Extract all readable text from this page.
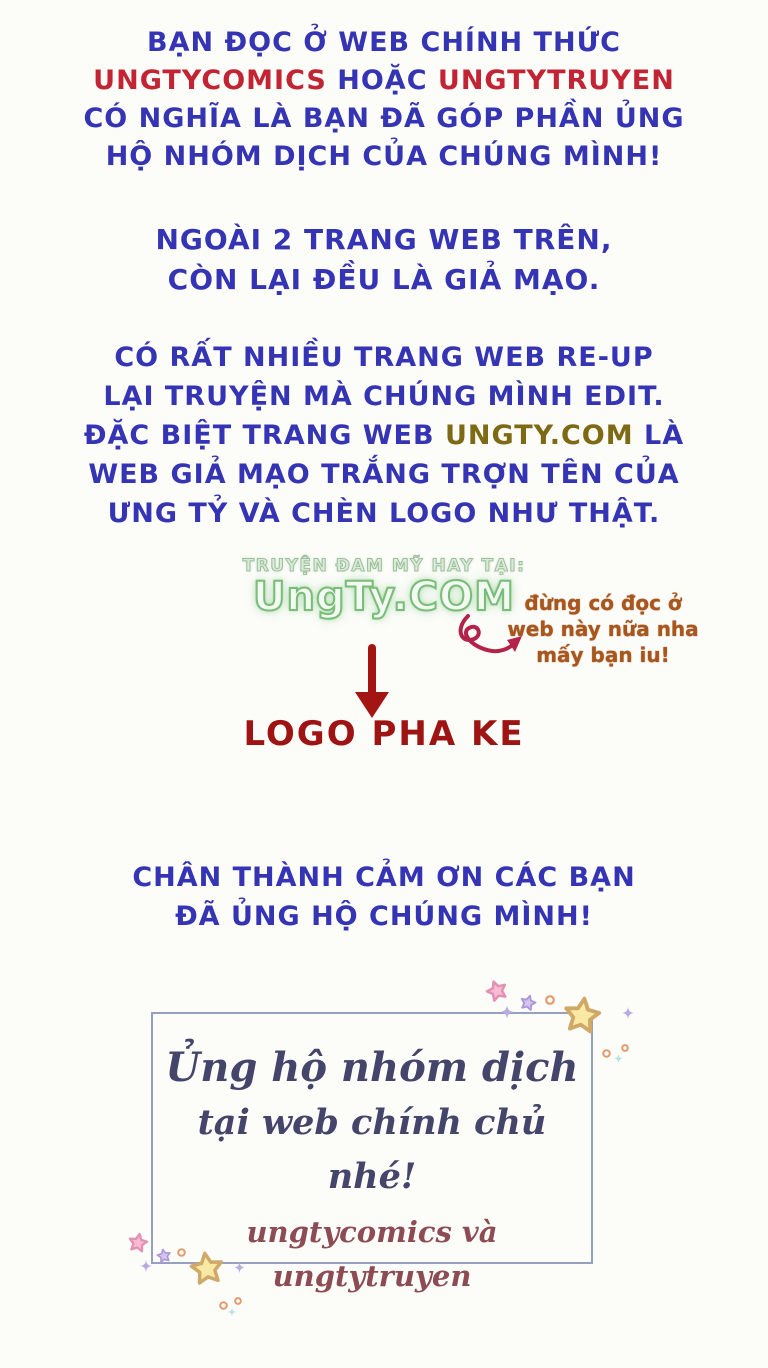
BẠN ĐỌC Ở WEB CHÍNH THỨC
UNGTYCOMICS HOẶC UNGTYTRUYEN
CÓ NGHĨA LÀ BẠN ĐÃ GÓP PHẦN ỦNG
HỘ NHÓM DỊCH CỦA CHÚNG MÌNH!
NGOÀI 2 TRANG WEB TRÊN,
CÒN LẠI ĐỀU LÀ GIẢ MẠO.
CÓ RẤT NHIỀU TRANG WEB RE-UP
LẠI TRUYỆN MÀ CHÚNG MÌNH EDIT.
ĐẶC BIỆT TRANG WEB UNGTY.COM LÀ
WEB GIẢ MẠO TRẮNG TRỢN TÊN CỦA
ƯNG TỶ VÀ CHÈN LOGO NHƯ THẬT.
TRUYỆN ĐAM MỸ HAY TẠI:
UngTy.COM đừng có đọc ở
web này nữa nha
mấy bạn iu!
LOGO PHA KE
CHÂN THÀNH CẢM ƠN CÁC BẠN
ĐÃ ỦNG HỘ CHÚNG MÌNH!
Ủng hộ nhóm dịch
tại web chính chủ nhé!
ungtycomics và ungtytruyen
